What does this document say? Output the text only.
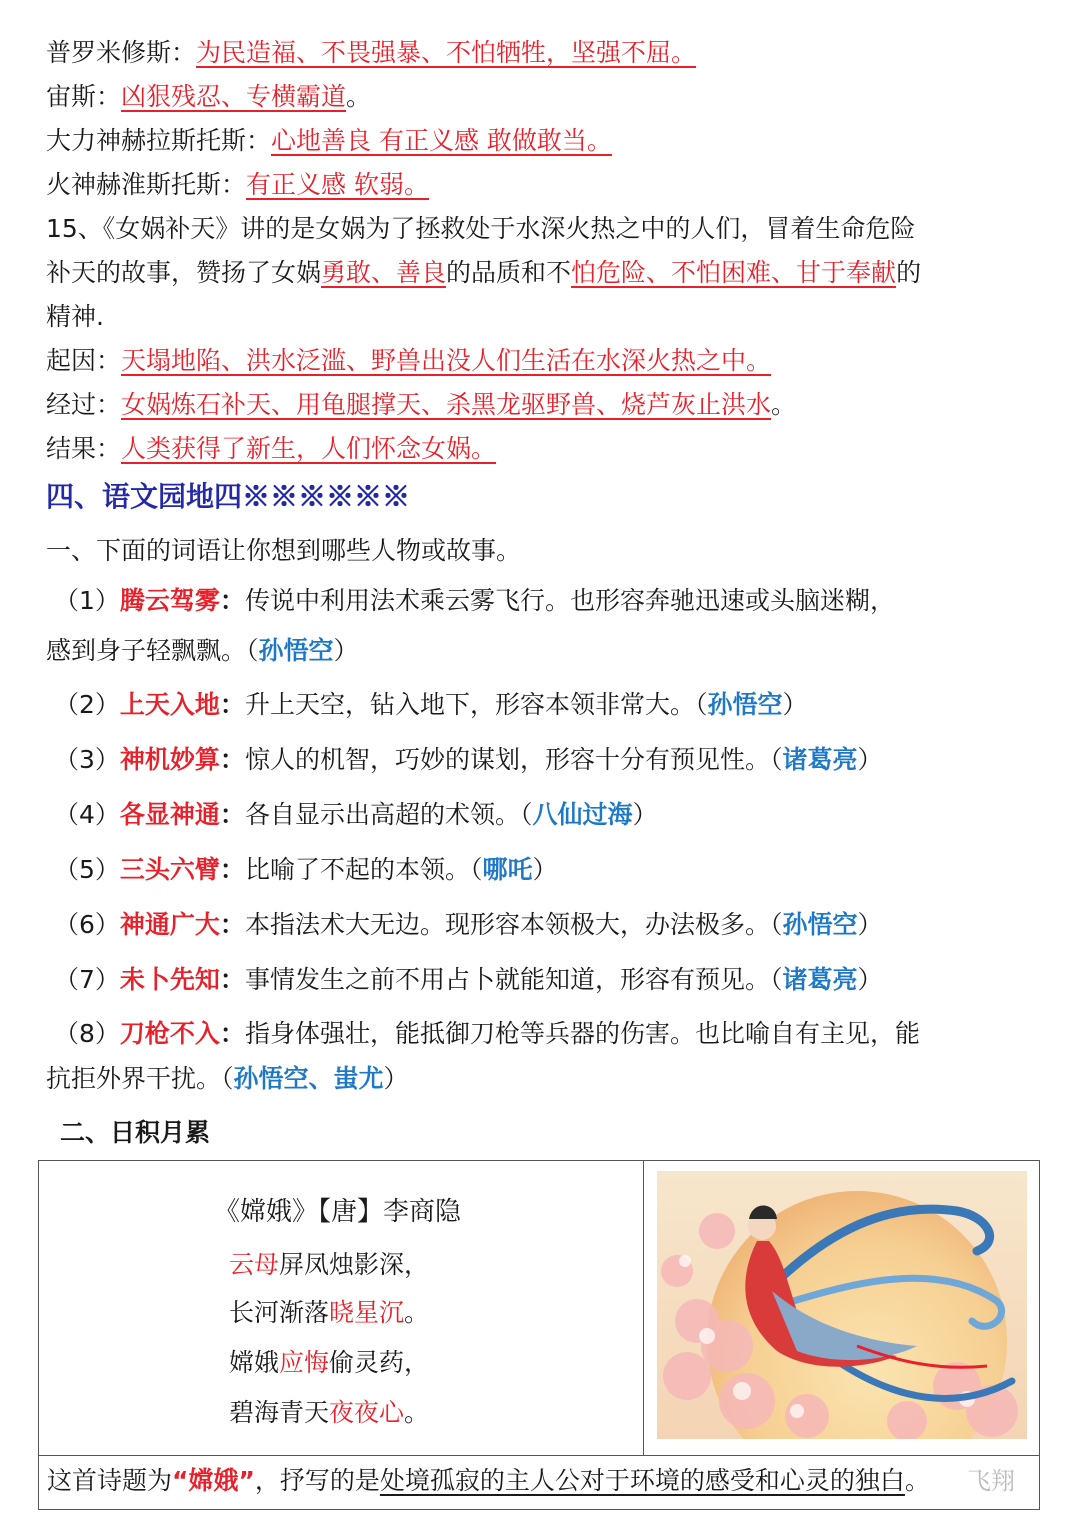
普罗米修斯：为民造福、不畏强暴、不怕牺牲，坚强不屈。
宙斯：凶狠残忍、专横霸道。
大力神赫拉斯托斯：心地善良 有正义感 敢做敢当。
火神赫淮斯托斯：有正义感 软弱。
15、《女娲补天》讲的是女娲为了拯救处于水深火热之中的人们，冒着生命危险
补天的故事，赞扬了女娲勇敢、善良的品质和不怕危险、不怕困难、甘于奉献的
精神.
起因：天塌地陷、洪水泛滥、野兽出没人们生活在水深火热之中。
经过：女娲炼石补天、用龟腿撑天、杀黑龙驱野兽、烧芦灰止洪水。
结果：人类获得了新生，人们怀念女娲。
四、语文园地四※※※※※※
一、下面的词语让你想到哪些人物或故事。
（1）腾云驾雾：传说中利用法术乘云雾飞行。也形容奔驰迅速或头脑迷糊，
感到身子轻飘飘。（孙悟空）
（2）上天入地：升上天空，钻入地下，形容本领非常大。（孙悟空）
（3）神机妙算：惊人的机智，巧妙的谋划，形容十分有预见性。（诸葛亮）
（4）各显神通：各自显示出高超的术领。（八仙过海）
（5）三头六臂：比喻了不起的本领。（哪吒）
（6）神通广大：本指法术大无边。现形容本领极大，办法极多。（孙悟空）
（7）未卜先知：事情发生之前不用占卜就能知道，形容有预见。（诸葛亮）
（8）刀枪不入：指身体强壮，能抵御刀枪等兵器的伤害。也比喻自有主见，能
抗拒外界干扰。（孙悟空、蚩尤）
二、日积月累
《嫦娥》【唐】李商隐
云母屏凤烛影深，
长河渐落晓星沉。
嫦娥应悔偷灵药，
碧海青天夜夜心。
这首诗题为“嫦娥”，抒写的是处境孤寂的主人公对于环境的感受和心灵的独白。 飞翔
